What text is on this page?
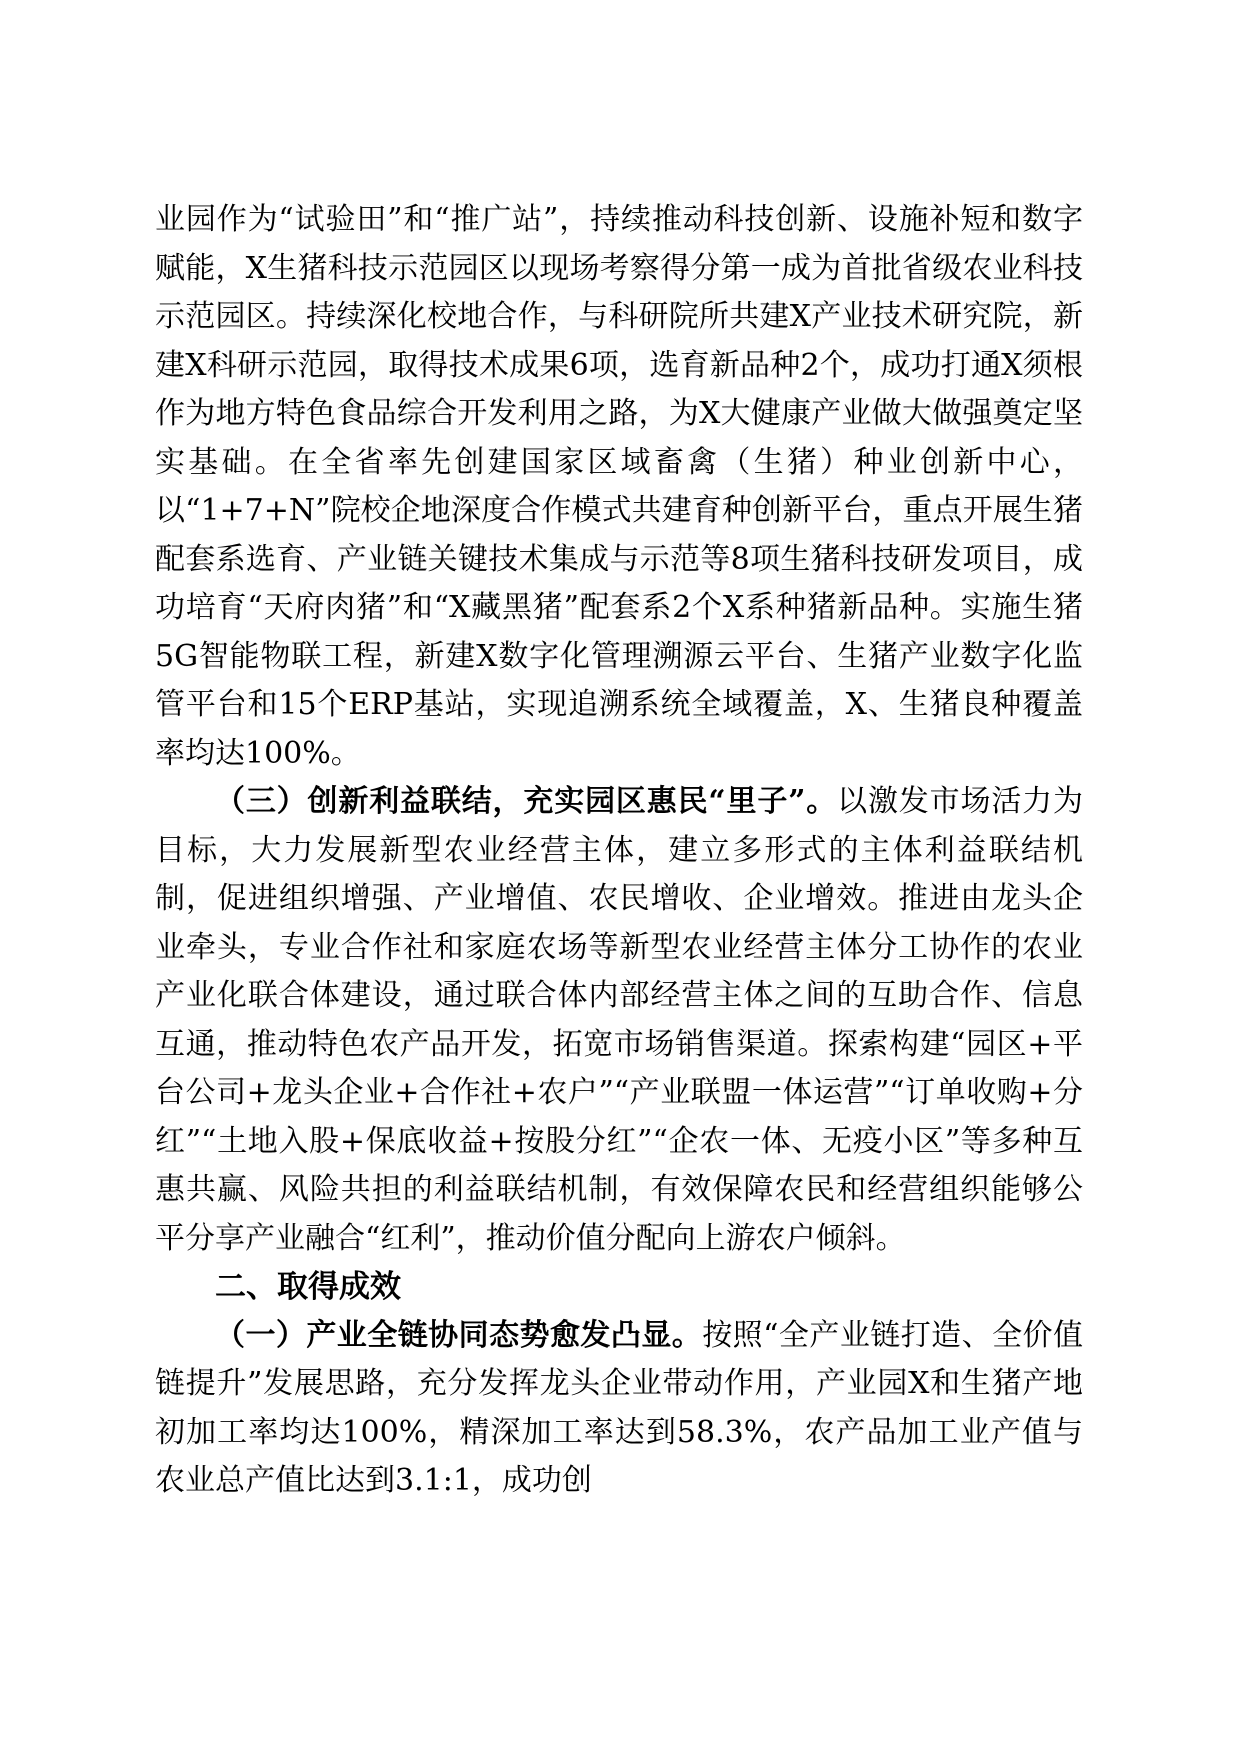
业园作为“试验田”和“推广站”，持续推动科技创新、设施补短和数字赋能，X生猪科技示范园区以现场考察得分第一成为首批省级农业科技示范园区。持续深化校地合作，与科研院所共建X产业技术研究院，新建X科研示范园，取得技术成果6项，选育新品种2个，成功打通X须根作为地方特色食品综合开发利用之路，为X大健康产业做大做强奠定坚实基础。在全省率先创建国家区域畜禽（生猪）种业创新中心，以“1+7+N”院校企地深度合作模式共建育种创新平台，重点开展生猪配套系选育、产业链关键技术集成与示范等8项生猪科技研发项目，成功培育“天府肉猪”和“X藏黑猪”配套系2个X系种猪新品种。实施生猪5G智能物联工程，新建X数字化管理溯源云平台、生猪产业数字化监管平台和15个ERP基站，实现追溯系统全域覆盖，X、生猪良种覆盖率均达100%。

（三）创新利益联结，充实园区惠民“里子”。以激发市场活力为目标，大力发展新型农业经营主体，建立多形式的主体利益联结机制，促进组织增强、产业增值、农民增收、企业增效。推进由龙头企业牵头，专业合作社和家庭农场等新型农业经营主体分工协作的农业产业化联合体建设，通过联合体内部经营主体之间的互助合作、信息互通，推动特色农产品开发，拓宽市场销售渠道。探索构建“园区+平台公司+龙头企业+合作社+农户”“产业联盟一体运营”“订单收购+分红”“土地入股+保底收益+按股分红”“企农一体、无疫小区”等多种互惠共赢、风险共担的利益联结机制，有效保障农民和经营组织能够公平分享产业融合“红利”，推动价值分配向上游农户倾斜。

二、取得成效

（一）产业全链协同态势愈发凸显。按照“全产业链打造、全价值链提升”发展思路，充分发挥龙头企业带动作用，产业园X和生猪产地初加工率均达100%，精深加工率达到58.3%，农产品加工业产值与农业总产值比达到3.1:1，成功创
